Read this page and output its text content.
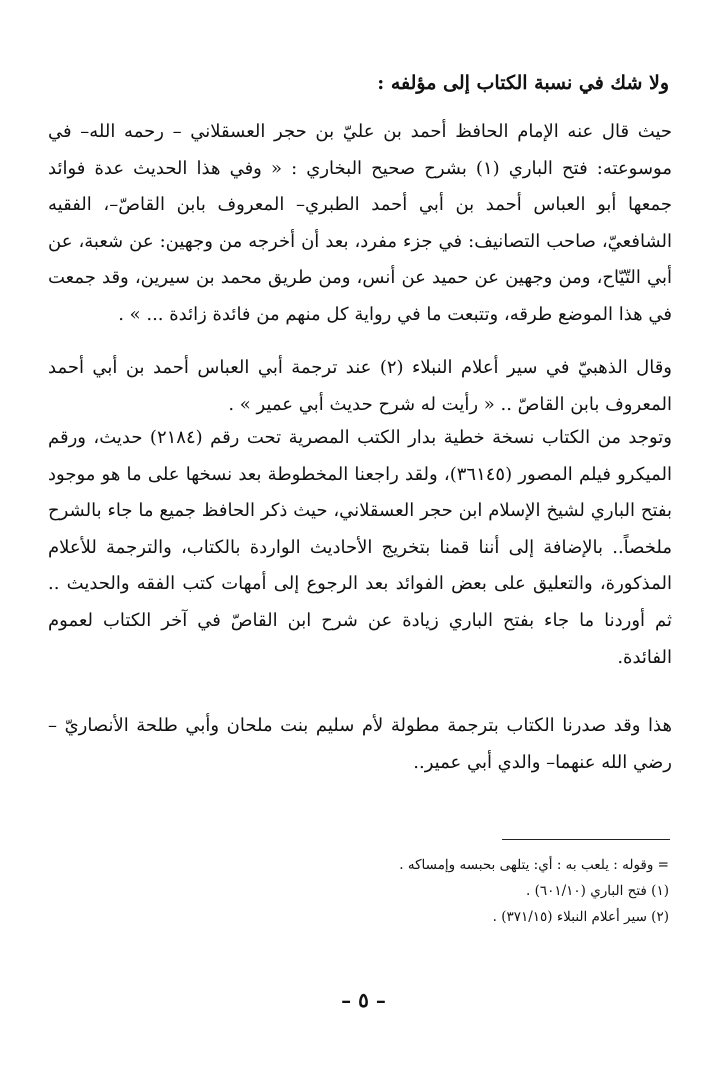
ولا شك في نسبة الكتاب إلى مؤلفه :

حيث قال عنه الإمام الحافظ أحمد بن عليّ بن حجر العسقلاني – رحمه الله– في موسوعته: فتح الباري (١) بشرح صحيح البخاري : « وفي هذا الحديث عدة فوائد جمعها أبو العباس أحمد بن أبي أحمد الطبري– المعروف بابن القاصّ–، الفقيه الشافعيّ، صاحب التصانيف: في جزء مفرد، بعد أن أخرجه من وجهين: عن شعبة، عن أبي التّيّاح، ومن وجهين عن حميد عن أنس، ومن طريق محمد بن سيرين، وقد جمعت في هذا الموضع طرقه، وتتبعت ما في رواية كل منهم من فائدة زائدة ... » .

وقال الذهبيّ في سير أعلام النبلاء (٢) عند ترجمة أبي العباس أحمد بن أبي أحمد المعروف بابن القاصّ .. « رأيت له شرح حديث أبي عمير » .

وتوجد من الكتاب نسخة خطية بدار الكتب المصرية تحت رقم (٢١٨٤) حديث، ورقم الميكرو فيلم المصور (٣٦١٤٥)، ولقد راجعنا المخطوطة بعد نسخها على ما هو موجود بفتح الباري لشيخ الإسلام ابن حجر العسقلاني، حيث ذكر الحافظ جميع ما جاء بالشرح ملخصاً.. بالإضافة إلى أننا قمنا بتخريج الأحاديث الواردة بالكتاب، والترجمة للأعلام المذكورة، والتعليق على بعض الفوائد بعد الرجوع إلى أمهات كتب الفقه والحديث .. ثم أوردنا ما جاء بفتح الباري زيادة عن شرح ابن القاصّ في آخر الكتاب لعموم الفائدة.

هذا وقد صدرنا الكتاب بترجمة مطولة لأم سليم بنت ملحان وأبي طلحة الأنصاريّ – رضي الله عنهما– والدي أبي عمير..

= وقوله : يلعب به : أي: يتلهى بحبسه وإمساكه .
(١) فتح الباري (٦٠١/١٠) .
(٢) سير أعلام النبلاء (٣٧١/١٥) .
– ٥ –
